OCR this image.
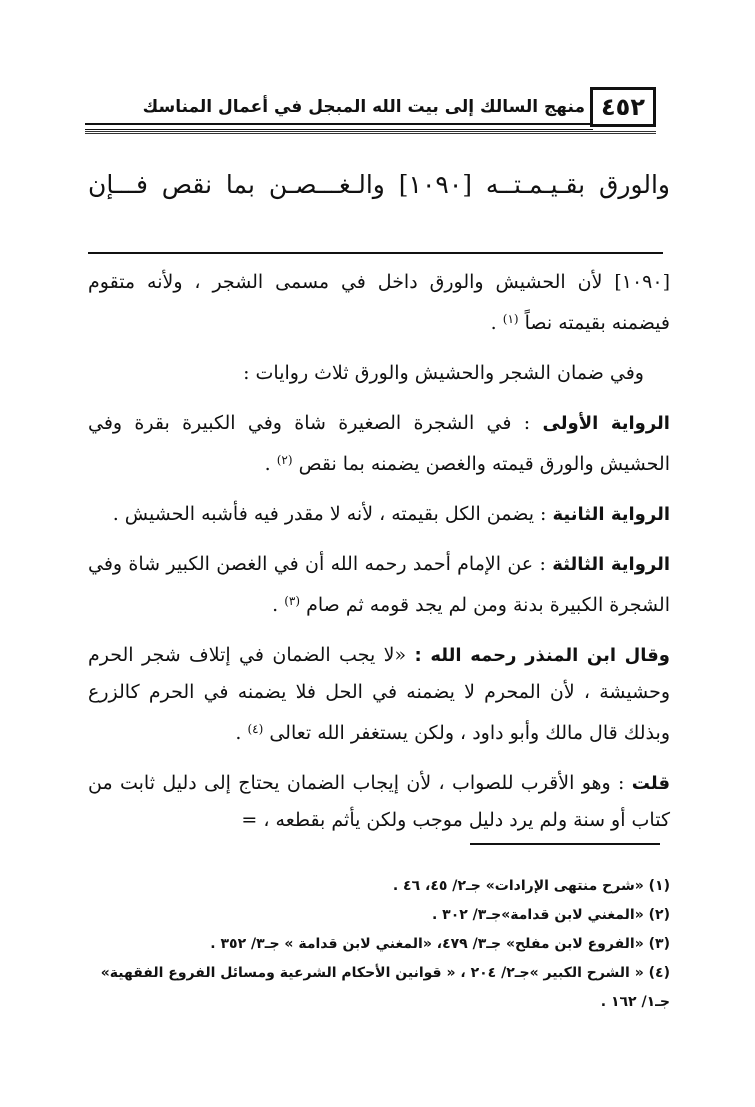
منهج السالك إلى بيت الله المبجل في أعمال المناسك ٤٥٢
والورق بقـيـمـتــه [١٠٩٠] والـغـــصـن بما نقص فـــإن

[١٠٩٠] لأن الحشيش والورق داخل في مسمى الشجر ، ولأنه متقوم فيضمنه بقيمته نصاً $^{(١)}$ .

وفي ضمان الشجر والحشيش والورق ثلاث روايات :

الرواية الأولى : في الشجرة الصغيرة شاة وفي الكبيرة بقرة وفي الحشيش والورق قيمته والغصن يضمنه بما نقص $^{(٢)}$ .

الرواية الثانية : يضمن الكل بقيمته ، لأنه لا مقدر فيه فأشبه الحشيش .

الرواية الثالثة : عن الإمام أحمد رحمه الله أن في الغصن الكبير شاة وفي الشجرة الكبيرة بدنة ومن لم يجد قومه ثم صام $^{(٣)}$ .

وقال ابن المنذر رحمه الله : «لا يجب الضمان في إتلاف شجر الحرم وحشيشة ، لأن المحرم لا يضمنه في الحل فلا يضمنه في الحرم كالزرع وبذلك قال مالك وأبو داود ، ولكن يستغفر الله تعالى $^{(٤)}$ .

قلت : وهو الأقرب للصواب ، لأن إيجاب الضمان يحتاج إلى دليل ثابت من كتاب أو سنة ولم يرد دليل موجب ولكن يأثم بقطعه ، =

(١) «شرح منتهى الإرادات» جـ٢/ ٤٥، ٤٦ .
(٢) «المغني لابن قدامة»جـ٣/ ٣٠٢ .
(٣) «الفروع لابن مفلح» جـ٣/ ٤٧٩، «المغني لابن قدامة » جـ٣/ ٣٥٢ .
(٤) « الشرح الكبير »جـ٢/ ٢٠٤ ، « قوانين الأحكام الشرعية ومسائل الفروع الفقهية» جـ١/ ١٦٢ .
